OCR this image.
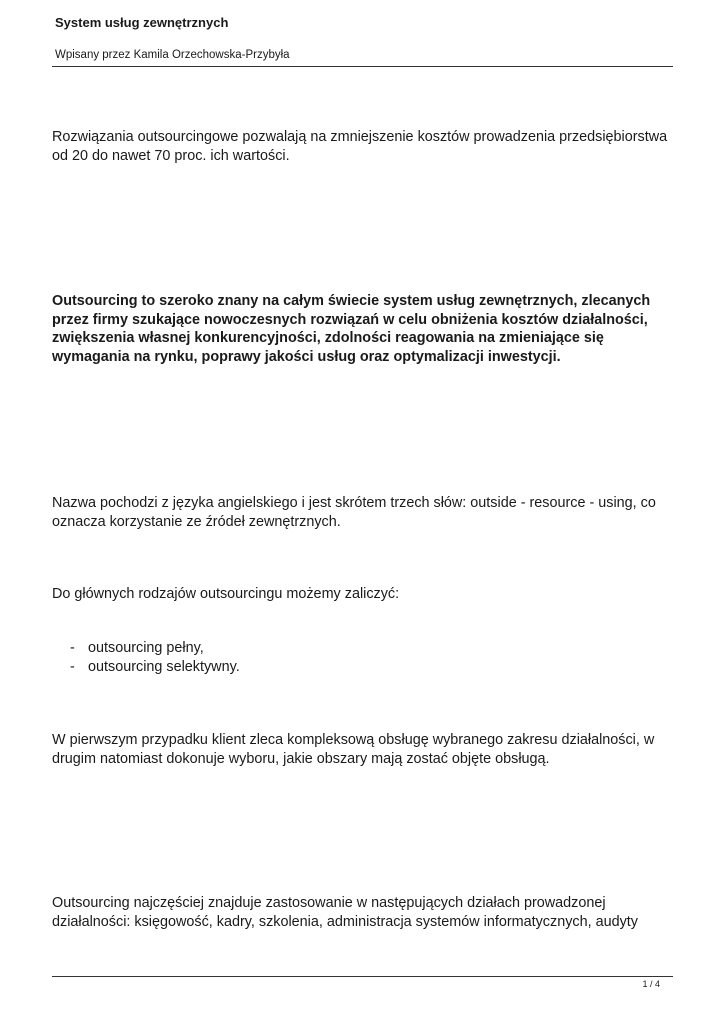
System usług zewnętrznych
Wpisany przez Kamila Orzechowska-Przybyła

Rozwiązania outsourcingowe pozwalają na zmniejszenie kosztów prowadzenia przedsiębiorstwa od 20 do nawet 70 proc. ich wartości.

Outsourcing to szeroko znany na całym świecie system usług zewnętrznych, zlecanych przez firmy szukające nowoczesnych rozwiązań w celu obniżenia kosztów działalności, zwiększenia własnej konkurencyjności, zdolności reagowania na zmieniające się wymagania na rynku, poprawy jakości usług oraz optymalizacji inwestycji.

Nazwa pochodzi z języka angielskiego i jest skrótem trzech słów: outside - resource - using, co oznacza korzystanie ze źródeł zewnętrznych.

Do głównych rodzajów outsourcingu możemy zaliczyć:

- outsourcing pełny,
- outsourcing selektywny.

W pierwszym przypadku klient zleca kompleksową obsługę wybranego zakresu działalności, w drugim natomiast dokonuje wyboru, jakie obszary mają zostać objęte obsługą.

Outsourcing najczęściej znajduje zastosowanie w następujących działach prowadzonej działalności: księgowość, kadry, szkolenia, administracja systemów informatycznych, audyty

1 / 4
